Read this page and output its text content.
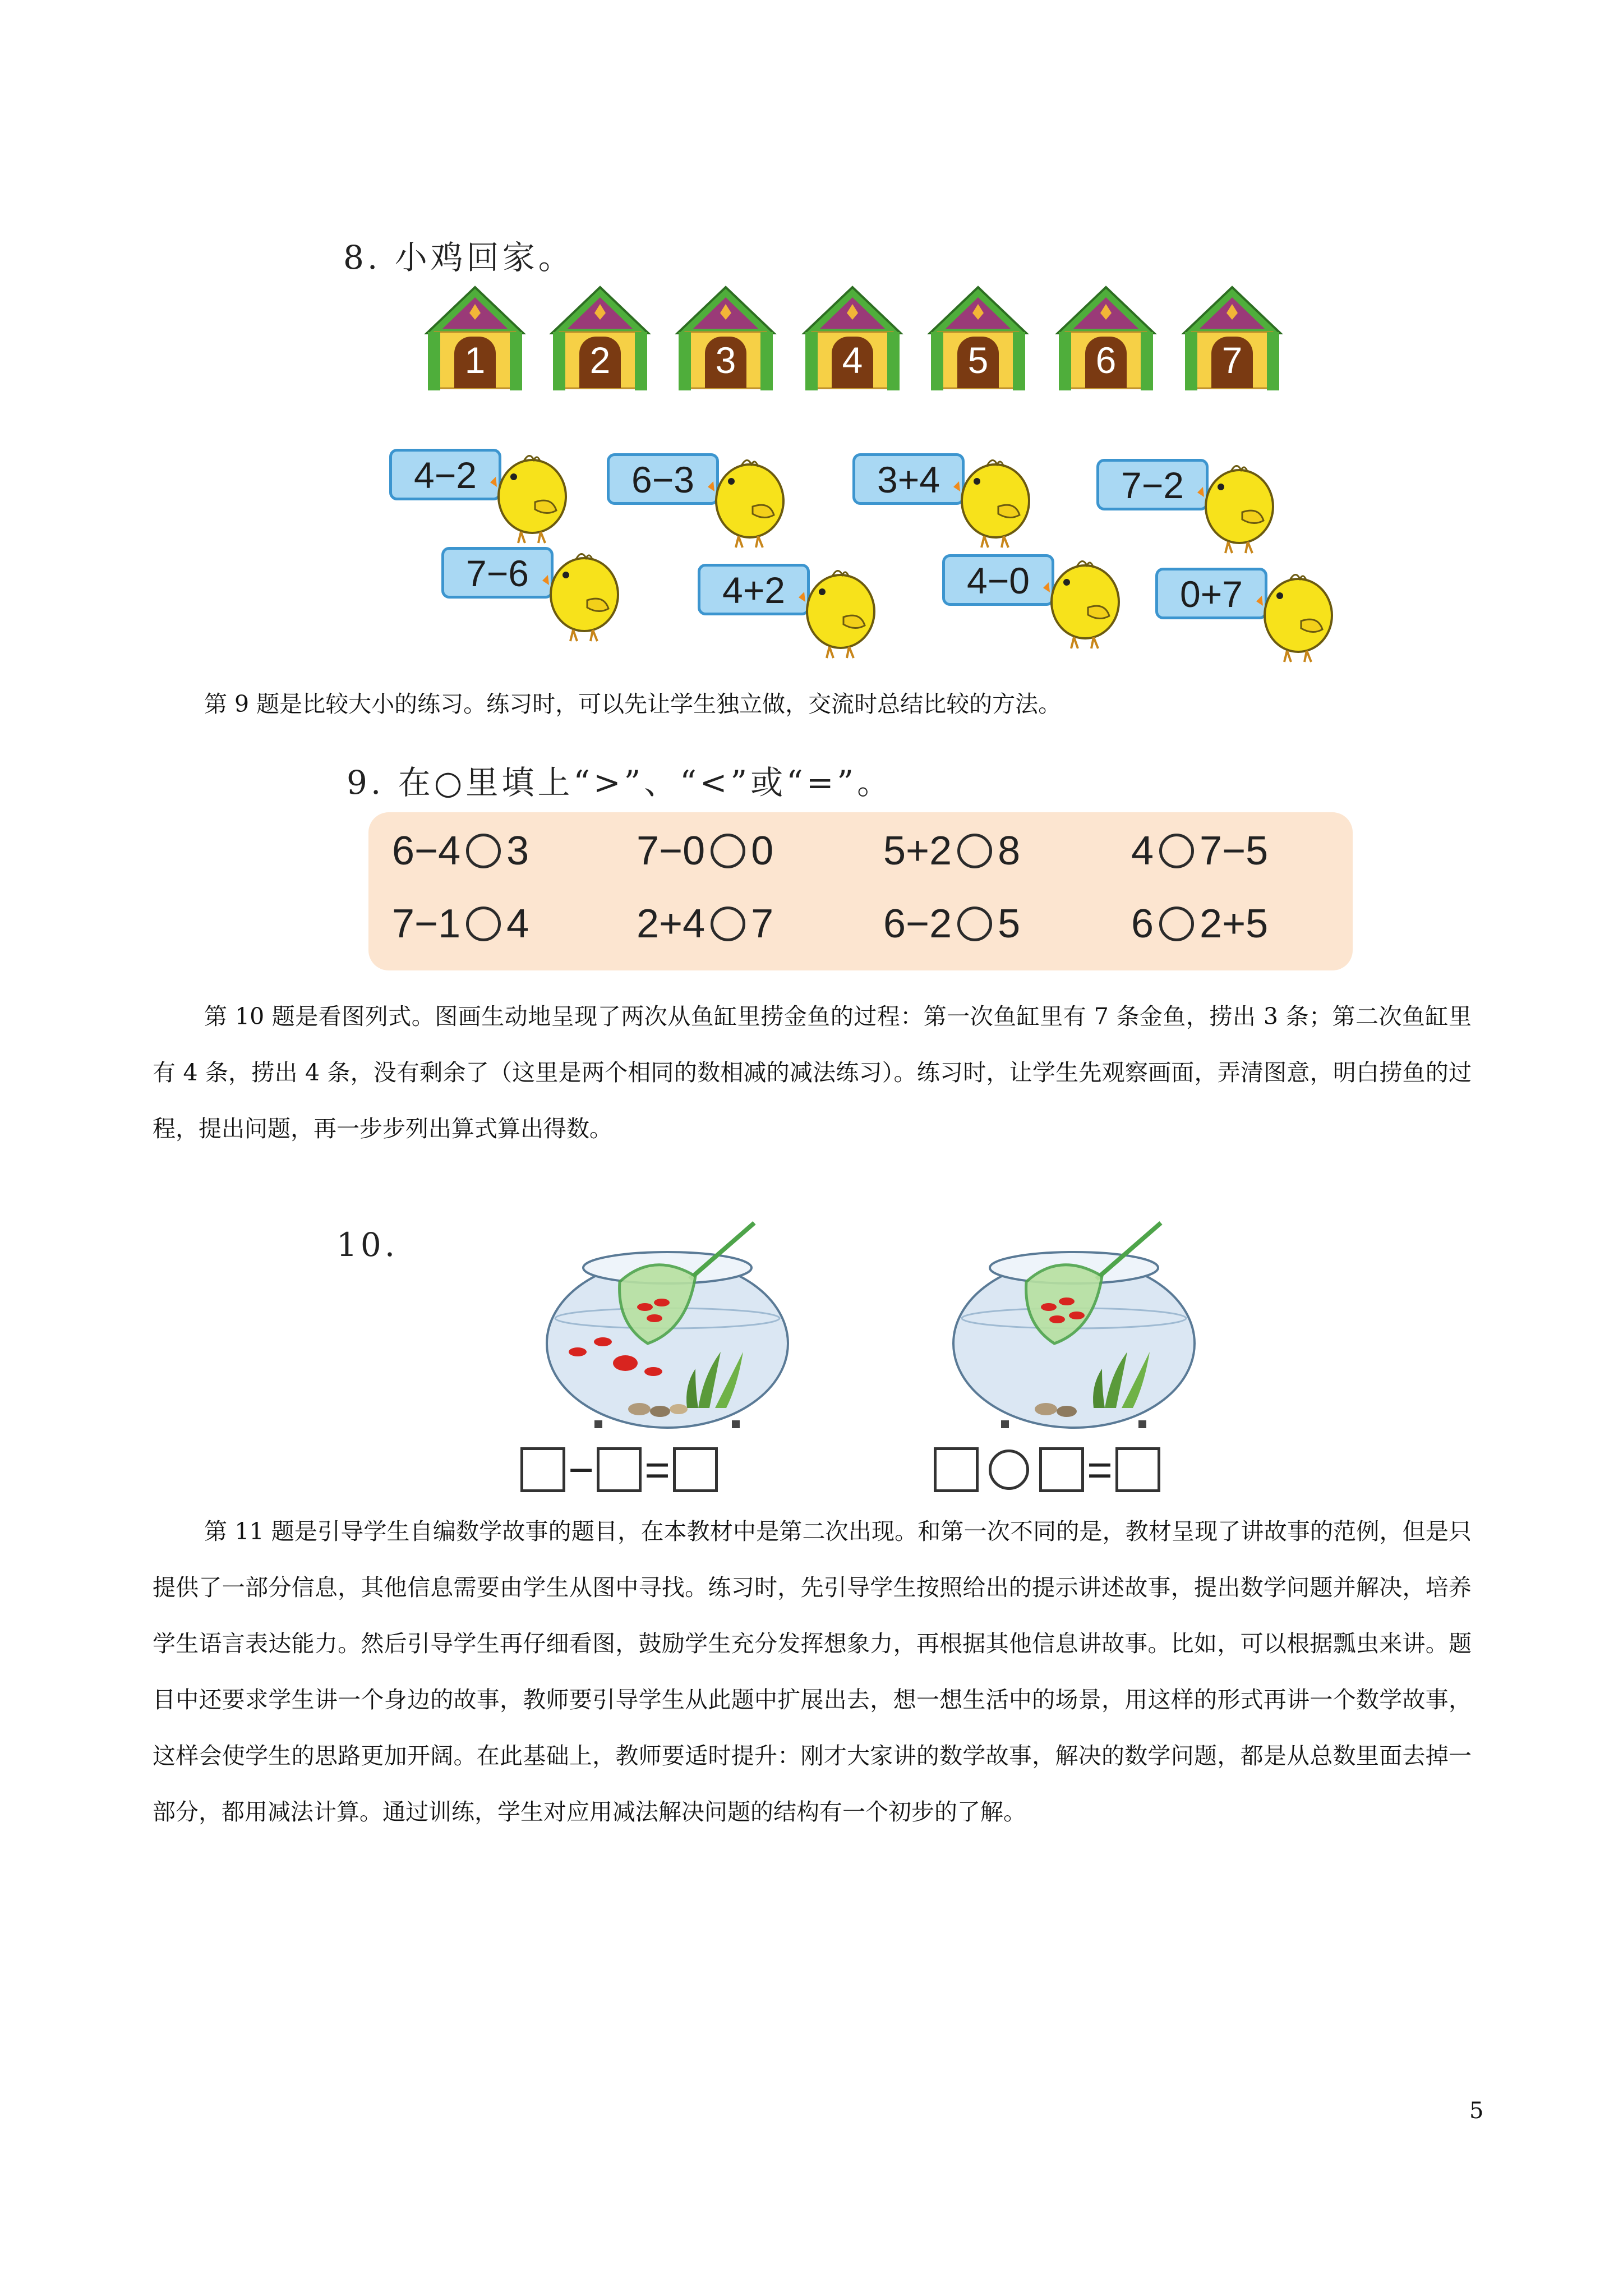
8. 小鸡回家。
1	2	3	4	5	6	7
4−2	6−3	3+4	7−2
7−6	4+2	4−0	0+7
第 9 题是比较大小的练习。练习时，可以先让学生独立做，交流时总结比较的方法。
9. 在○里填上“>”、“<”或“=”。
6−4 3	7−0 0	5+2 8	4 7−5
7−1 4	2+4 7	6−2 5	6 2+5
第 10 题是看图列式。图画生动地呈现了两次从鱼缸里捞金鱼的过程：第一次鱼缸里有 7 条金鱼，捞出 3 条；第二次鱼缸里有 4 条，捞出 4 条，没有剩余了（这里是两个相同的数相减的减法练习）。练习时，让学生先观察画面，弄清图意，明白捞鱼的过程，提出问题，再一步步列出算式算出得数。
10.
− =	=
第 11 题是引导学生自编数学故事的题目，在本教材中是第二次出现。和第一次不同的是，教材呈现了讲故事的范例，但是只提供了一部分信息，其他信息需要由学生从图中寻找。练习时，先引导学生按照给出的提示讲述故事，提出数学问题并解决，培养学生语言表达能力。然后引导学生再仔细看图，鼓励学生充分发挥想象力，再根据其他信息讲故事。比如，可以根据瓢虫来讲。题目中还要求学生讲一个身边的故事，教师要引导学生从此题中扩展出去，想一想生活中的场景，用这样的形式再讲一个数学故事，这样会使学生的思路更加开阔。在此基础上，教师要适时提升：刚才大家讲的数学故事，解决的数学问题，都是从总数里面去掉一部分，都用减法计算。通过训练，学生对应用减法解决问题的结构有一个初步的了解。
5
